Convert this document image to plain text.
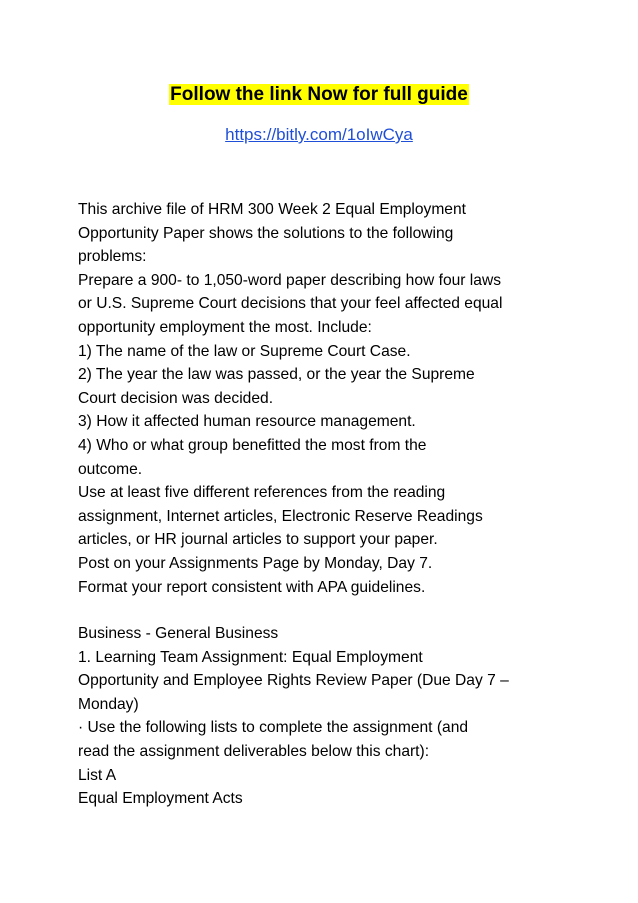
Follow the link Now for full guide
https://bitly.com/1oIwCya
This archive file of HRM 300 Week 2 Equal Employment
Opportunity Paper shows the solutions to the following
problems:
Prepare a 900- to 1,050-word paper describing how four laws
or U.S. Supreme Court decisions that your feel affected equal
opportunity employment the most. Include:
1) The name of the law or Supreme Court Case.
2) The year the law was passed, or the year the Supreme
Court decision was decided.
3) How it affected human resource management.
4) Who or what group benefitted the most from the
outcome.
Use at least five different references from the reading
assignment, Internet articles, Electronic Reserve Readings
articles, or HR journal articles to support your paper.
Post on your Assignments Page by Monday, Day 7.
Format your report consistent with APA guidelines.
Business - General Business
1. Learning Team Assignment: Equal Employment
Opportunity and Employee Rights Review Paper (Due Day 7 –
Monday)
· Use the following lists to complete the assignment (and
read the assignment deliverables below this chart):
List A
Equal Employment Acts
